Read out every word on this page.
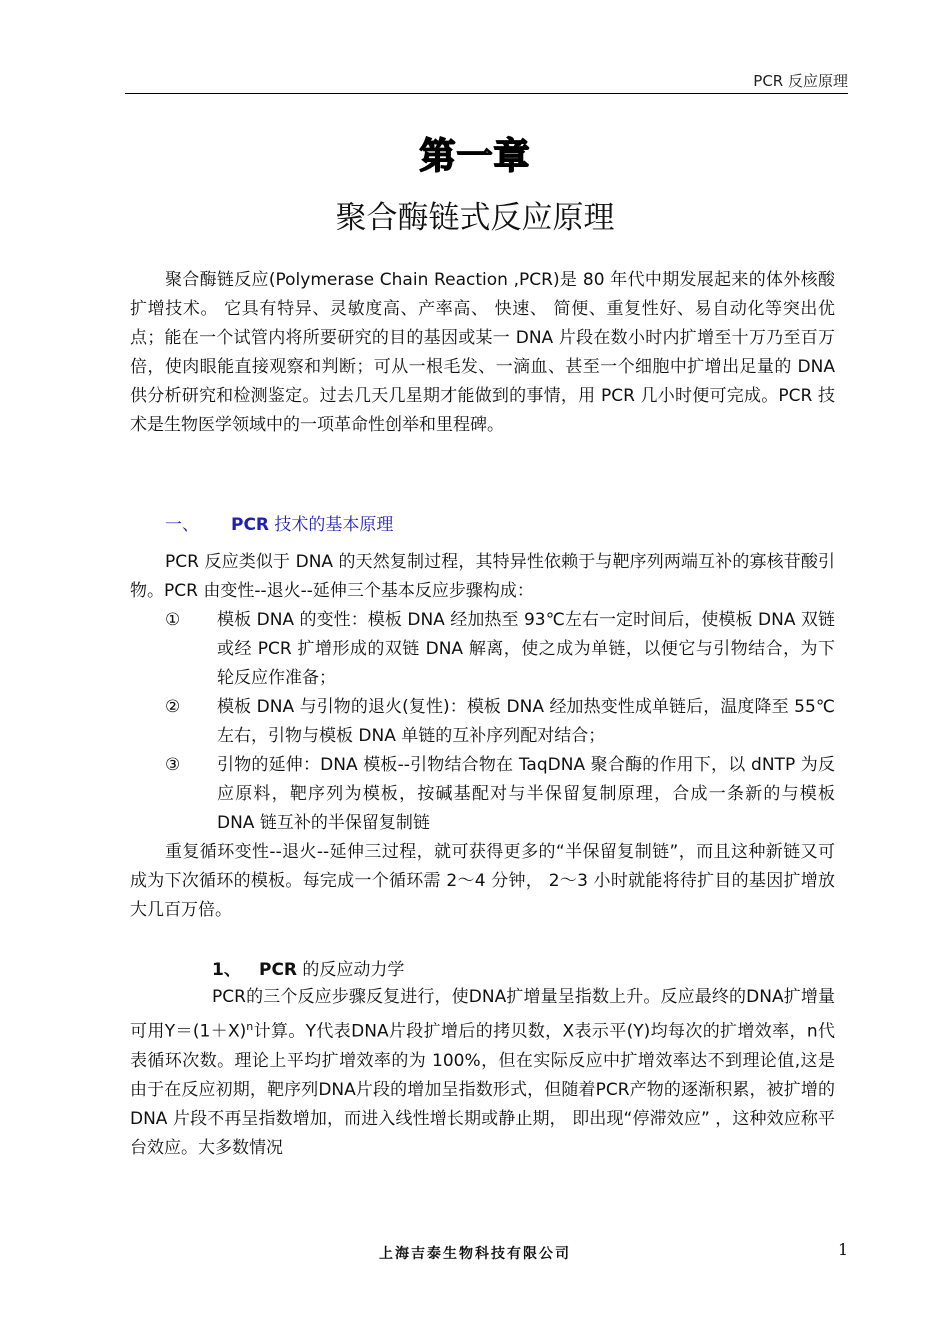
PCR 反应原理
第一章
聚合酶链式反应原理

聚合酶链反应(Polymerase Chain Reaction ,PCR)是 80 年代中期发展起来的体外核酸扩增技术。 它具有特异、灵敏度高、产率高、 快速、 简便、重复性好、易自动化等突出优点；能在一个试管内将所要研究的目的基因或某一 DNA 片段在数小时内扩增至十万乃至百万倍，使肉眼能直接观察和判断；可从一根毛发、一滴血、甚至一个细胞中扩增出足量的 DNA 供分析研究和检测鉴定。过去几天几星期才能做到的事情，用 PCR 几小时便可完成。PCR 技术是生物医学领域中的一项革命性创举和里程碑。

一、 PCR 技术的基本原理

PCR 反应类似于 DNA 的天然复制过程，其特异性依赖于与靶序列两端互补的寡核苷酸引物。PCR 由变性--退火--延伸三个基本反应步骤构成：

①	模板 DNA 的变性：模板 DNA 经加热至 93℃左右一定时间后，使模板 DNA 双链或经 PCR 扩增形成的双链 DNA 解离，使之成为单链，以便它与引物结合，为下轮反应作准备；
②	模板 DNA 与引物的退火(复性)：模板 DNA 经加热变性成单链后，温度降至 55℃左右，引物与模板 DNA 单链的互补序列配对结合；
③	引物的延伸：DNA 模板--引物结合物在 TaqDNA 聚合酶的作用下，以 dNTP 为反应原料，靶序列为模板，按碱基配对与半保留复制原理，合成一条新的与模板 DNA 链互补的半保留复制链

重复循环变性--退火--延伸三过程，就可获得更多的“半保留复制链”，而且这种新链又可成为下次循环的模板。每完成一个循环需 2～4 分钟， 2～3 小时就能将待扩目的基因扩增放大几百万倍。

1、 PCR 的反应动力学

PCR的三个反应步骤反复进行，使DNA扩增量呈指数上升。反应最终的DNA扩增量可用$Y=(1+X)^n$计算。Y代表DNA片段扩增后的拷贝数，X表示平(Y)均每次的扩增效率，n代表循环次数。理论上平均扩增效率的为 100%，但在实际反应中扩增效率达不到理论值,这是由于在反应初期，靶序列DNA片段的增加呈指数形式，但随着PCR产物的逐渐积累，被扩增的DNA 片段不再呈指数增加，而进入线性增长期或静止期， 即出现“停滞效应” ，这种效应称平台效应。大多数情况

上海吉泰生物科技有限公司	1
